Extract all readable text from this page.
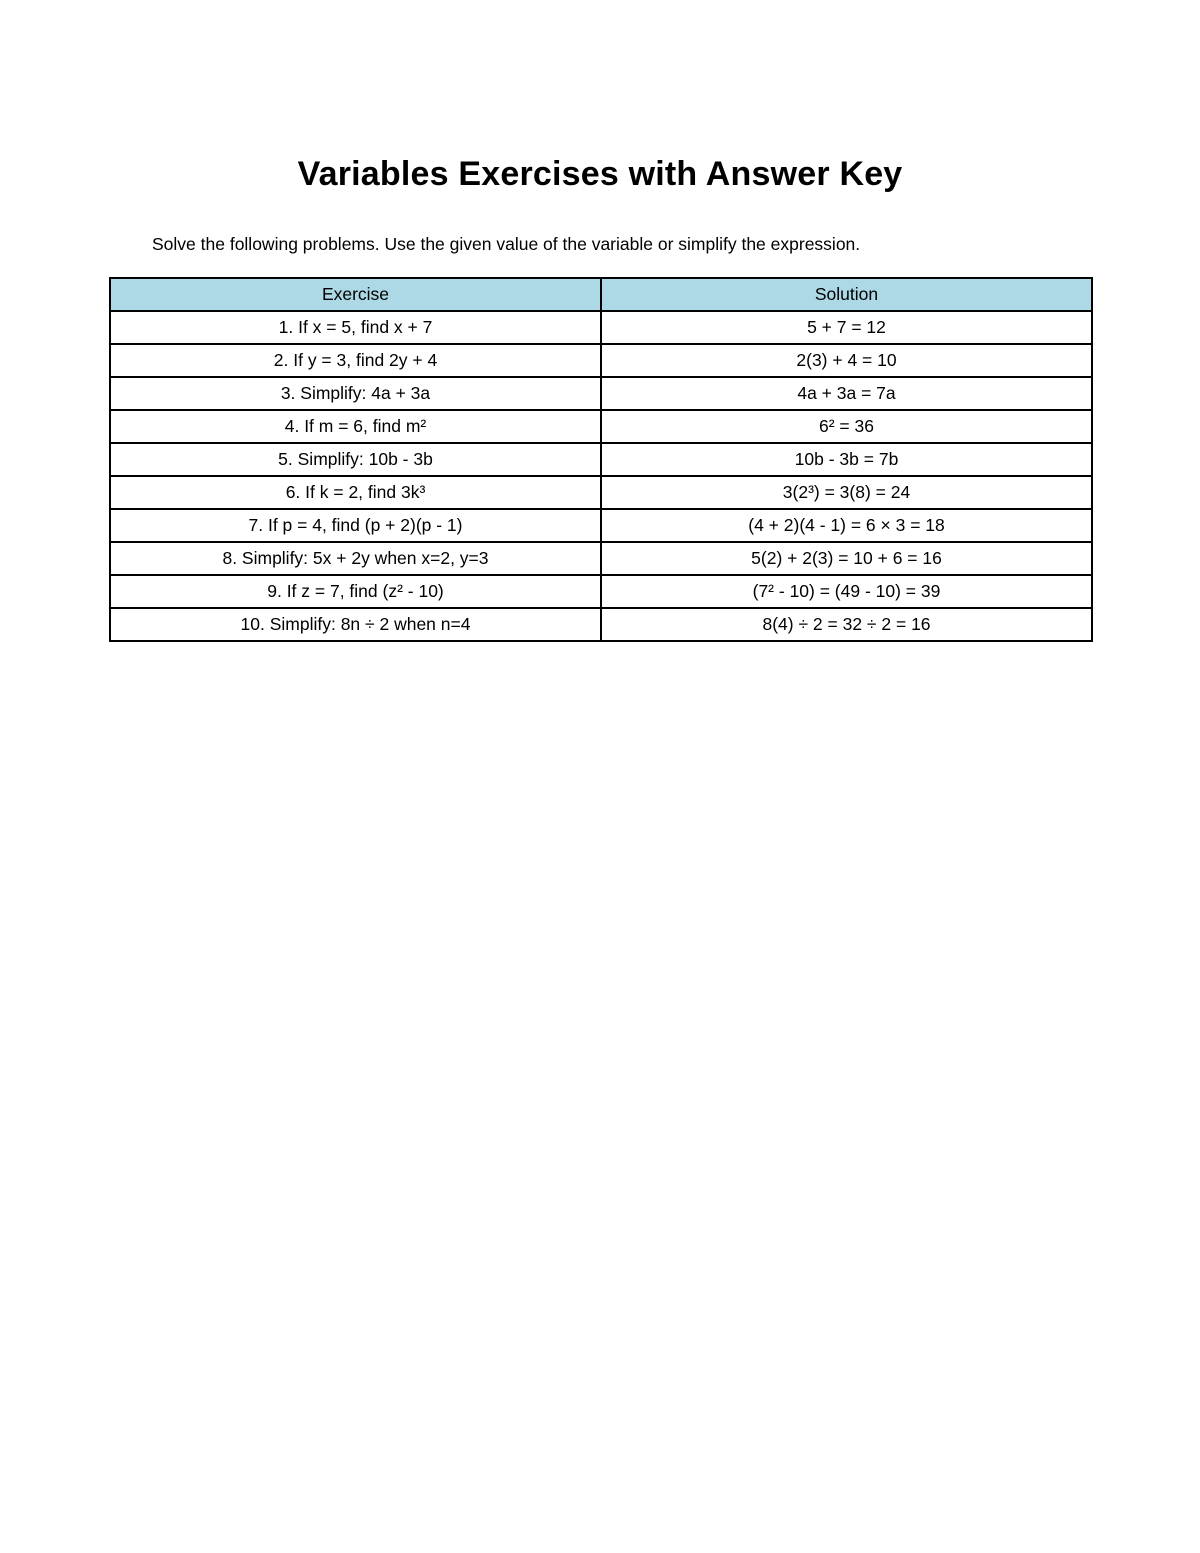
Variables Exercises with Answer Key

Solve the following problems. Use the given value of the variable or simplify the expression.

Exercise	Solution
1. If x = 5, find x + 7	5 + 7 = 12
2. If y = 3, find 2y + 4	2(3) + 4 = 10
3. Simplify: 4a + 3a	4a + 3a = 7a
4. If m = 6, find m²	6² = 36
5. Simplify: 10b - 3b	10b - 3b = 7b
6. If k = 2, find 3k³	3(2³) = 3(8) = 24
7. If p = 4, find (p + 2)(p - 1)	(4 + 2)(4 - 1) = 6 × 3 = 18
8. Simplify: 5x + 2y when x=2, y=3	5(2) + 2(3) = 10 + 6 = 16
9. If z = 7, find (z² - 10)	(7² - 10) = (49 - 10) = 39
10. Simplify: 8n ÷ 2 when n=4	8(4) ÷ 2 = 32 ÷ 2 = 16
